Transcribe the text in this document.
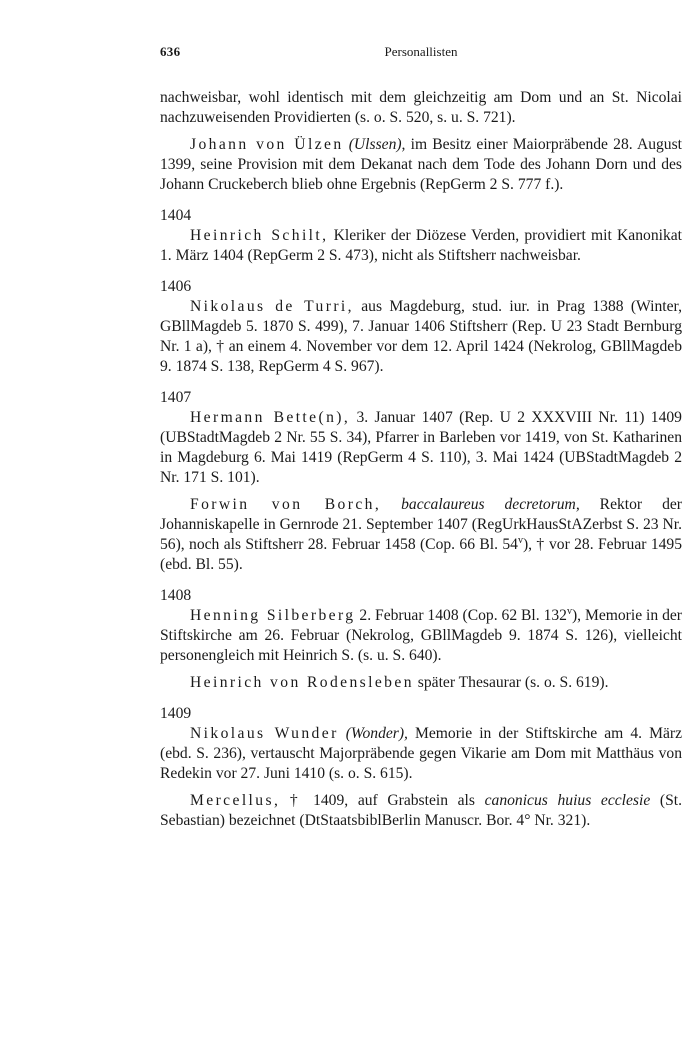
636	Personallisten

nachweisbar, wohl identisch mit dem gleichzeitig am Dom und an St. Nicolai nachzuweisenden Providierten (s. o. S. 520, s. u. S. 721).

Johann von Ülzen (Ulssen), im Besitz einer Maiorpräbende 28. August 1399, seine Provision mit dem Dekanat nach dem Tode des Johann Dorn und des Johann Cruckeberch blieb ohne Ergebnis (RepGerm 2 S. 777 f.).

1404

Heinrich Schilt, Kleriker der Diözese Verden, providiert mit Kanonikat 1. März 1404 (RepGerm 2 S. 473), nicht als Stiftsherr nachweisbar.

1406

Nikolaus de Turri, aus Magdeburg, stud. iur. in Prag 1388 (Winter, GBllMagdeb 5. 1870 S. 499), 7. Januar 1406 Stiftsherr (Rep. U 23 Stadt Bernburg Nr. 1 a), † an einem 4. November vor dem 12. April 1424 (Nekrolog, GBllMagdeb 9. 1874 S. 138, RepGerm 4 S. 967).

1407

Hermann Bette(n), 3. Januar 1407 (Rep. U 2 XXXVIII Nr. 11) 1409 (UBStadtMagdeb 2 Nr. 55 S. 34), Pfarrer in Barleben vor 1419, von St. Katharinen in Magdeburg 6. Mai 1419 (RepGerm 4 S. 110), 3. Mai 1424 (UBStadtMagdeb 2 Nr. 171 S. 101).

Forwin von Borch, baccalaureus decretorum, Rektor der Johanniskapelle in Gernrode 21. September 1407 (RegUrkHausStAZerbst S. 23 Nr. 56), noch als Stiftsherr 28. Februar 1458 (Cop. 66 Bl. 54$^v$), † vor 28. Februar 1495 (ebd. Bl. 55).

1408

Henning Silberberg 2. Februar 1408 (Cop. 62 Bl. 132$^v$), Memorie in der Stiftskirche am 26. Februar (Nekrolog, GBllMagdeb 9. 1874 S. 126), vielleicht personengleich mit Heinrich S. (s. u. S. 640).

Heinrich von Rodensleben später Thesaurar (s. o. S. 619).

1409

Nikolaus Wunder (Wonder), Memorie in der Stiftskirche am 4. März (ebd. S. 236), vertauscht Majorpräbende gegen Vikarie am Dom mit Matthäus von Redekin vor 27. Juni 1410 (s. o. S. 615).

Mercellus, † 1409, auf Grabstein als canonicus huius ecclesie (St. Sebastian) bezeichnet (DtStaatsbiblBerlin Manuscr. Bor. 4° Nr. 321).
